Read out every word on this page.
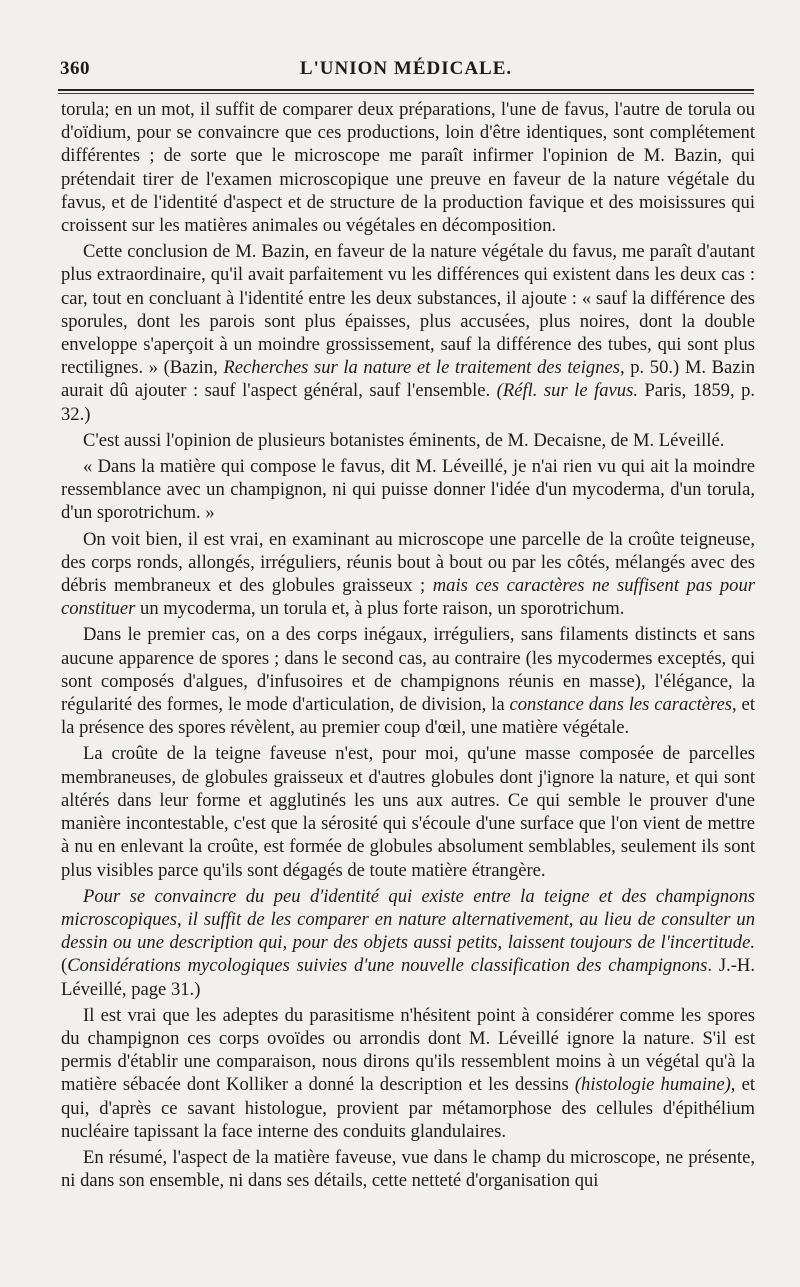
360	L'UNION MÉDICALE.

torula; en un mot, il suffit de comparer deux préparations, l'une de favus, l'autre de torula ou d'oïdium, pour se convaincre que ces productions, loin d'être identiques, sont complétement différentes ; de sorte que le microscope me paraît infirmer l'opinion de M. Bazin, qui prétendait tirer de l'examen microscopique une preuve en faveur de la nature végétale du favus, et de l'identité d'aspect et de structure de la production favique et des moisissures qui croissent sur les matières animales ou végétales en décomposition.

Cette conclusion de M. Bazin, en faveur de la nature végétale du favus, me paraît d'autant plus extraordinaire, qu'il avait parfaitement vu les différences qui existent dans les deux cas : car, tout en concluant à l'identité entre les deux substances, il ajoute : « sauf la différence des sporules, dont les parois sont plus épaisses, plus accusées, plus noires, dont la double enveloppe s'aperçoit à un moindre grossissement, sauf la différence des tubes, qui sont plus rectilignes. » (Bazin, Recherches sur la nature et le traitement des teignes, p. 50.) M. Bazin aurait dû ajouter : sauf l'aspect général, sauf l'ensemble. (Réfl. sur le favus. Paris, 1859, p. 32.)

C'est aussi l'opinion de plusieurs botanistes éminents, de M. Decaisne, de M. Léveillé.

« Dans la matière qui compose le favus, dit M. Léveillé, je n'ai rien vu qui ait la moindre ressemblance avec un champignon, ni qui puisse donner l'idée d'un mycoderma, d'un torula, d'un sporotrichum. »

On voit bien, il est vrai, en examinant au microscope une parcelle de la croûte teigneuse, des corps ronds, allongés, irréguliers, réunis bout à bout ou par les côtés, mélangés avec des débris membraneux et des globules graisseux ; mais ces caractères ne suffisent pas pour constituer un mycoderma, un torula et, à plus forte raison, un sporotrichum.

Dans le premier cas, on a des corps inégaux, irréguliers, sans filaments distincts et sans aucune apparence de spores ; dans le second cas, au contraire (les mycodermes exceptés, qui sont composés d'algues, d'infusoires et de champignons réunis en masse), l'élégance, la régularité des formes, le mode d'articulation, de division, la constance dans les caractères, et la présence des spores révèlent, au premier coup d'œil, une matière végétale.

La croûte de la teigne faveuse n'est, pour moi, qu'une masse composée de parcelles membraneuses, de globules graisseux et d'autres globules dont j'ignore la nature, et qui sont altérés dans leur forme et agglutinés les uns aux autres. Ce qui semble le prouver d'une manière incontestable, c'est que la sérosité qui s'écoule d'une surface que l'on vient de mettre à nu en enlevant la croûte, est formée de globules absolument semblables, seulement ils sont plus visibles parce qu'ils sont dégagés de toute matière étrangère.

Pour se convaincre du peu d'identité qui existe entre la teigne et des champignons microscopiques, il suffit de les comparer en nature alternativement, au lieu de consulter un dessin ou une description qui, pour des objets aussi petits, laissent toujours de l'incertitude. (Considérations mycologiques suivies d'une nouvelle classification des champignons. J.-H. Léveillé, page 31.)

Il est vrai que les adeptes du parasitisme n'hésitent point à considérer comme les spores du champignon ces corps ovoïdes ou arrondis dont M. Léveillé ignore la nature. S'il est permis d'établir une comparaison, nous dirons qu'ils ressemblent moins à un végétal qu'à la matière sébacée dont Kolliker a donné la description et les dessins (histologie humaine), et qui, d'après ce savant histologue, provient par métamorphose des cellules d'épithélium nucléaire tapissant la face interne des conduits glandulaires.

En résumé, l'aspect de la matière faveuse, vue dans le champ du microscope, ne présente, ni dans son ensemble, ni dans ses détails, cette netteté d'organisation qui
